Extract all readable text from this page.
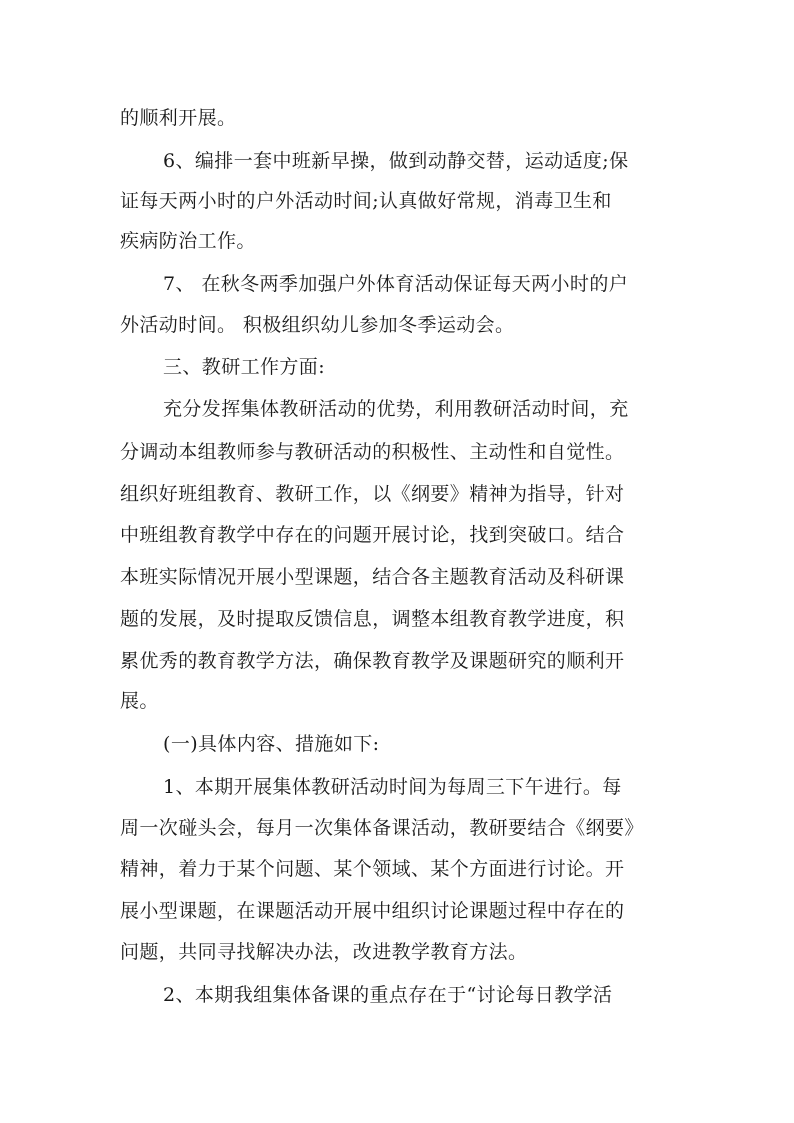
的顺利开展。
6、编排一套中班新早操，做到动静交替，运动适度;保
证每天两小时的户外活动时间;认真做好常规，消毒卫生和
疾病防治工作。
7、 在秋冬两季加强户外体育活动保证每天两小时的户
外活动时间。 积极组织幼儿参加冬季运动会。
三、教研工作方面:
充分发挥集体教研活动的优势，利用教研活动时间，充
分调动本组教师参与教研活动的积极性、主动性和自觉性。
组织好班组教育、教研工作，以《纲要》精神为指导，针对
中班组教育教学中存在的问题开展讨论，找到突破口。结合
本班实际情况开展小型课题，结合各主题教育活动及科研课
题的发展，及时提取反馈信息，调整本组教育教学进度，积
累优秀的教育教学方法，确保教育教学及课题研究的顺利开
展。
(一)具体内容、措施如下:
1、本期开展集体教研活动时间为每周三下午进行。每
周一次碰头会，每月一次集体备课活动，教研要结合《纲要》
精神，着力于某个问题、某个领域、某个方面进行讨论。开
展小型课题，在课题活动开展中组织讨论课题过程中存在的
问题，共同寻找解决办法，改进教学教育方法。
2、本期我组集体备课的重点存在于“讨论每日教学活
